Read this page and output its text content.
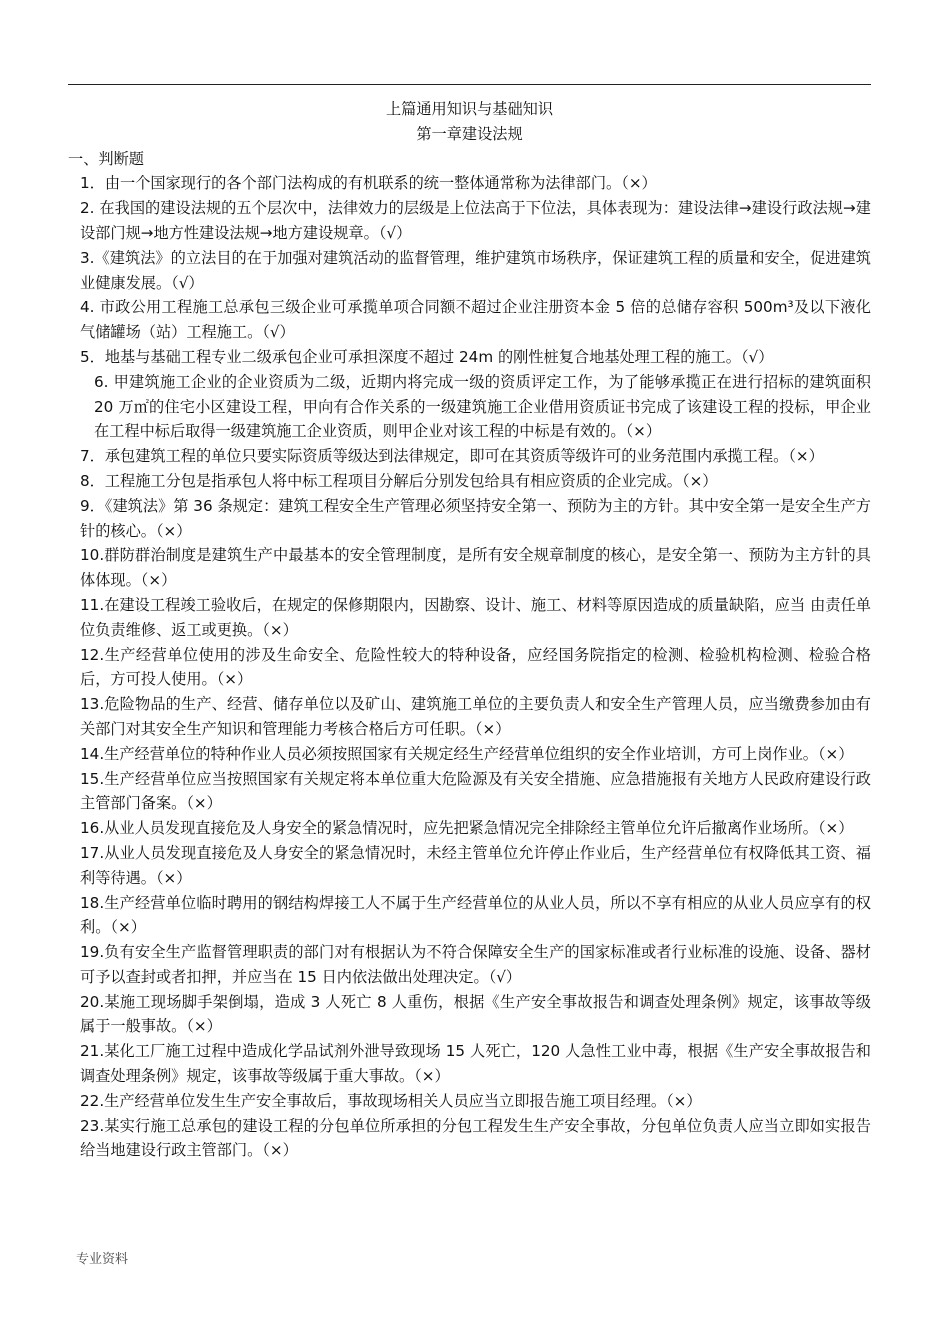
上篇通用知识与基础知识

第一章建设法规

一、判断题

1．由一个国家现行的各个部门法构成的有机联系的统一整体通常称为法律部门。（×）

2. 在我国的建设法规的五个层次中，法律效力的层级是上位法高于下位法，具体表现为：建设法律→建设行政法规→建设部门规→地方性建设法规→地方建设规章。（√）

3.《建筑法》的立法目的在于加强对建筑活动的监督管理，维护建筑市场秩序，保证建筑工程的质量和安全，促进建筑业健康发展。（√）

4. 市政公用工程施工总承包三级企业可承揽单项合同额不超过企业注册资本金 5 倍的总储存容积 500m³及以下液化气储罐场（站）工程施工。（√）

5．地基与基础工程专业二级承包企业可承担深度不超过 24m 的刚性桩复合地基处理工程的施工。（√）

6. 甲建筑施工企业的企业资质为二级，近期内将完成一级的资质评定工作，为了能够承揽正在进行招标的建筑面积 20 万㎡的住宅小区建设工程，甲向有合作关系的一级建筑施工企业借用资质证书完成了该建设工程的投标，甲企业在工程中标后取得一级建筑施工企业资质，则甲企业对该工程的中标是有效的。（×）

7．承包建筑工程的单位只要实际资质等级达到法律规定，即可在其资质等级许可的业务范围内承揽工程。（×）

8．工程施工分包是指承包人将中标工程项目分解后分别发包给具有相应资质的企业完成。（×）

9．《建筑法》第 36 条规定：建筑工程安全生产管理必须坚持安全第一、预防为主的方针。其中安全第一是安全生产方针的核心。（×）

10.群防群治制度是建筑生产中最基本的安全管理制度，是所有安全规章制度的核心，是安全第一、预防为主方针的具体体现。（×）

11.在建设工程竣工验收后，在规定的保修期限内，因勘察、设计、施工、材料等原因造成的质量缺陷，应当 由责任单位负责维修、返工或更换。（×）

12.生产经营单位使用的涉及生命安全、危险性较大的特种设备，应经国务院指定的检测、检验机构检测、检验合格后，方可投人使用。（×）

13.危险物品的生产、经营、储存单位以及矿山、建筑施工单位的主要负责人和安全生产管理人员，应当缴费参加由有关部门对其安全生产知识和管理能力考核合格后方可任职。（×）

14.生产经营单位的特种作业人员必须按照国家有关规定经生产经营单位组织的安全作业培训，方可上岗作业。（×）

15.生产经营单位应当按照国家有关规定将本单位重大危险源及有关安全措施、应急措施报有关地方人民政府建设行政主管部门备案。（×）

16.从业人员发现直接危及人身安全的紧急情况时，应先把紧急情况完全排除经主管单位允许后撤离作业场所。（×）

17.从业人员发现直接危及人身安全的紧急情况时，未经主管单位允许停止作业后，生产经营单位有权降低其工资、福利等待遇。（×）

18.生产经营单位临时聘用的钢结构焊接工人不属于生产经营单位的从业人员，所以不享有相应的从业人员应享有的权利。（×）

19.负有安全生产监督管理职责的部门对有根据认为不符合保障安全生产的国家标准或者行业标准的设施、设备、器材可予以查封或者扣押，并应当在 15 日内依法做出处理决定。（√）

20.某施工现场脚手架倒塌，造成 3 人死亡 8 人重伤，根据《生产安全事故报告和调查处理条例》规定，该事故等级属于一般事故。（×）

21.某化工厂施工过程中造成化学品试剂外泄导致现场 15 人死亡，120 人急性工业中毒，根据《生产安全事故报告和调查处理条例》规定，该事故等级属于重大事故。（×）

22.生产经营单位发生生产安全事故后，事故现场相关人员应当立即报告施工项目经理。（×）

23.某实行施工总承包的建设工程的分包单位所承担的分包工程发生生产安全事故，分包单位负责人应当立即如实报告给当地建设行政主管部门。（×）

专业资料
